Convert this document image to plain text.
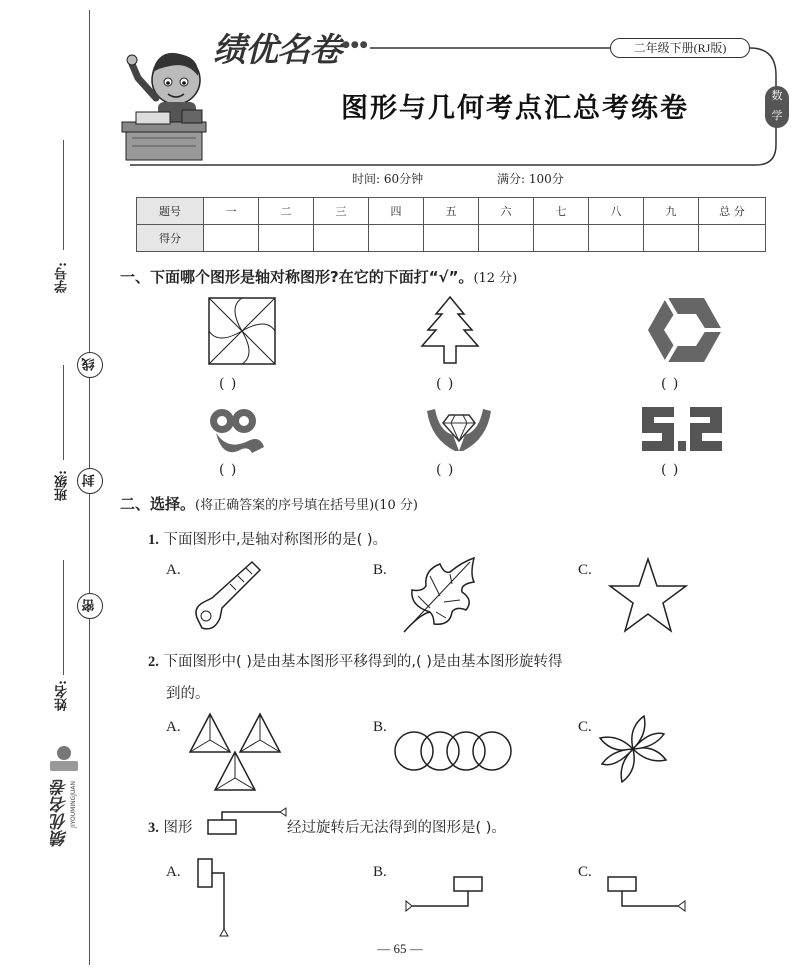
学号:
班级:
姓名:
线
封
密
绩优名卷 JIYOUMINGJUAN
绩优名卷 ●●●	二年级下册(RJ版)
图形与几何考点汇总考练卷	数
学
时间: 60分钟	满分: 100分
题号	一	二	三	四	五	六	七	八	九	总 分
得分										
一、下面哪个图形是轴对称图形?在它的下面打“√”。(12 分)
( )	( )	( )
( )	( )	( )
二、选择。(将正确答案的序号填在括号里)(10 分)
1. 下面图形中,是轴对称图形的是( )。
A.	B.	C.
2. 下面图形中( )是由基本图形平移得到的,( )是由基本图形旋转得
到的。
A.	B.	C.
3. 图形	经过旋转后无法得到的图形是( )。
A.	B.	C.
— 65 —
